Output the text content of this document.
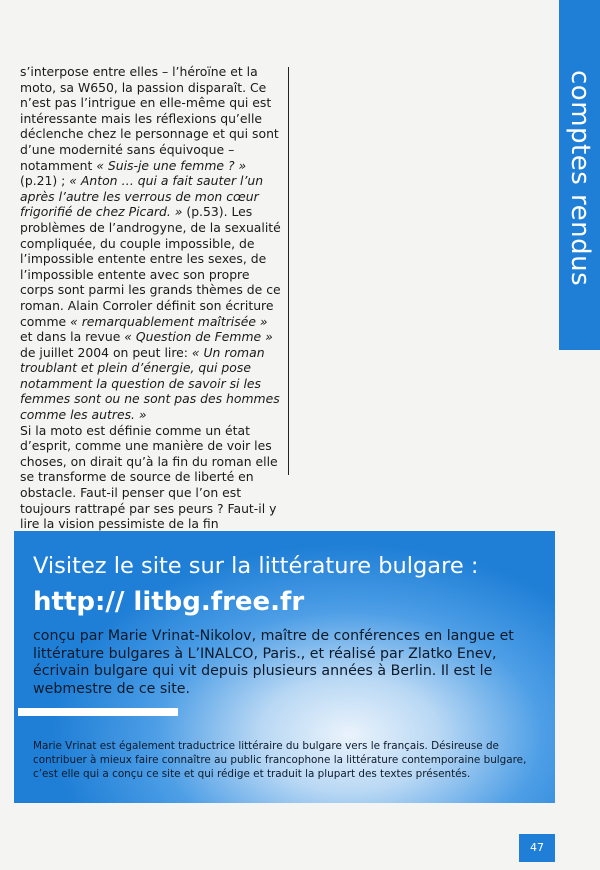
comptes rendus

s’interpose entre elles – l’héroïne et la moto, sa W650, la passion disparaît. Ce n’est pas l’intrigue en elle-même qui est intéressante mais les réflexions qu’elle déclenche chez le personnage et qui sont d’une modernité sans équivoque – notamment « Suis-je une femme ? » (p.21) ; « Anton … qui a fait sauter l’un après l’autre les verrous de mon cœur frigorifié de chez Picard. » (p.53). Les problèmes de l’androgyne, de la sexualité compliquée, du couple impossible, de l’impossible entente entre les sexes, de l’impossible entente avec son propre corps sont parmi les grands thèmes de ce roman. Alain Corroler définit son écriture comme « remarquablement maîtrisée » et dans la revue « Question de Femme » de juillet 2004 on peut lire: « Un roman troublant et plein d’énergie, qui pose notamment la question de savoir si les femmes sont ou ne sont pas des hommes comme les autres. »

Si la moto est définie comme un état d’esprit, comme une manière de voir les choses, on dirait qu’à la fin du roman elle se transforme de source de liberté en obstacle. Faut-il penser que l’on est toujours rattrapé par ses peurs ? Faut-il y lire la vision pessimiste de la fin

Visitez le site sur la littérature bulgare :
http:// litbg.free.fr
conçu par Marie Vrinat-Nikolov, maître de conférences en langue et littérature bulgares à L’INALCO, Paris., et réalisé par Zlatko Enev, écrivain bulgare qui vit depuis plusieurs années à Berlin. Il est le webmestre de ce site.
Marie Vrinat est également traductrice littéraire du bulgare vers le français. Désireuse de contribuer à mieux faire connaître au public francophone la littérature contemporaine bulgare, c’est elle qui a conçu ce site et qui rédige et traduit la plupart des textes présentés.
47
